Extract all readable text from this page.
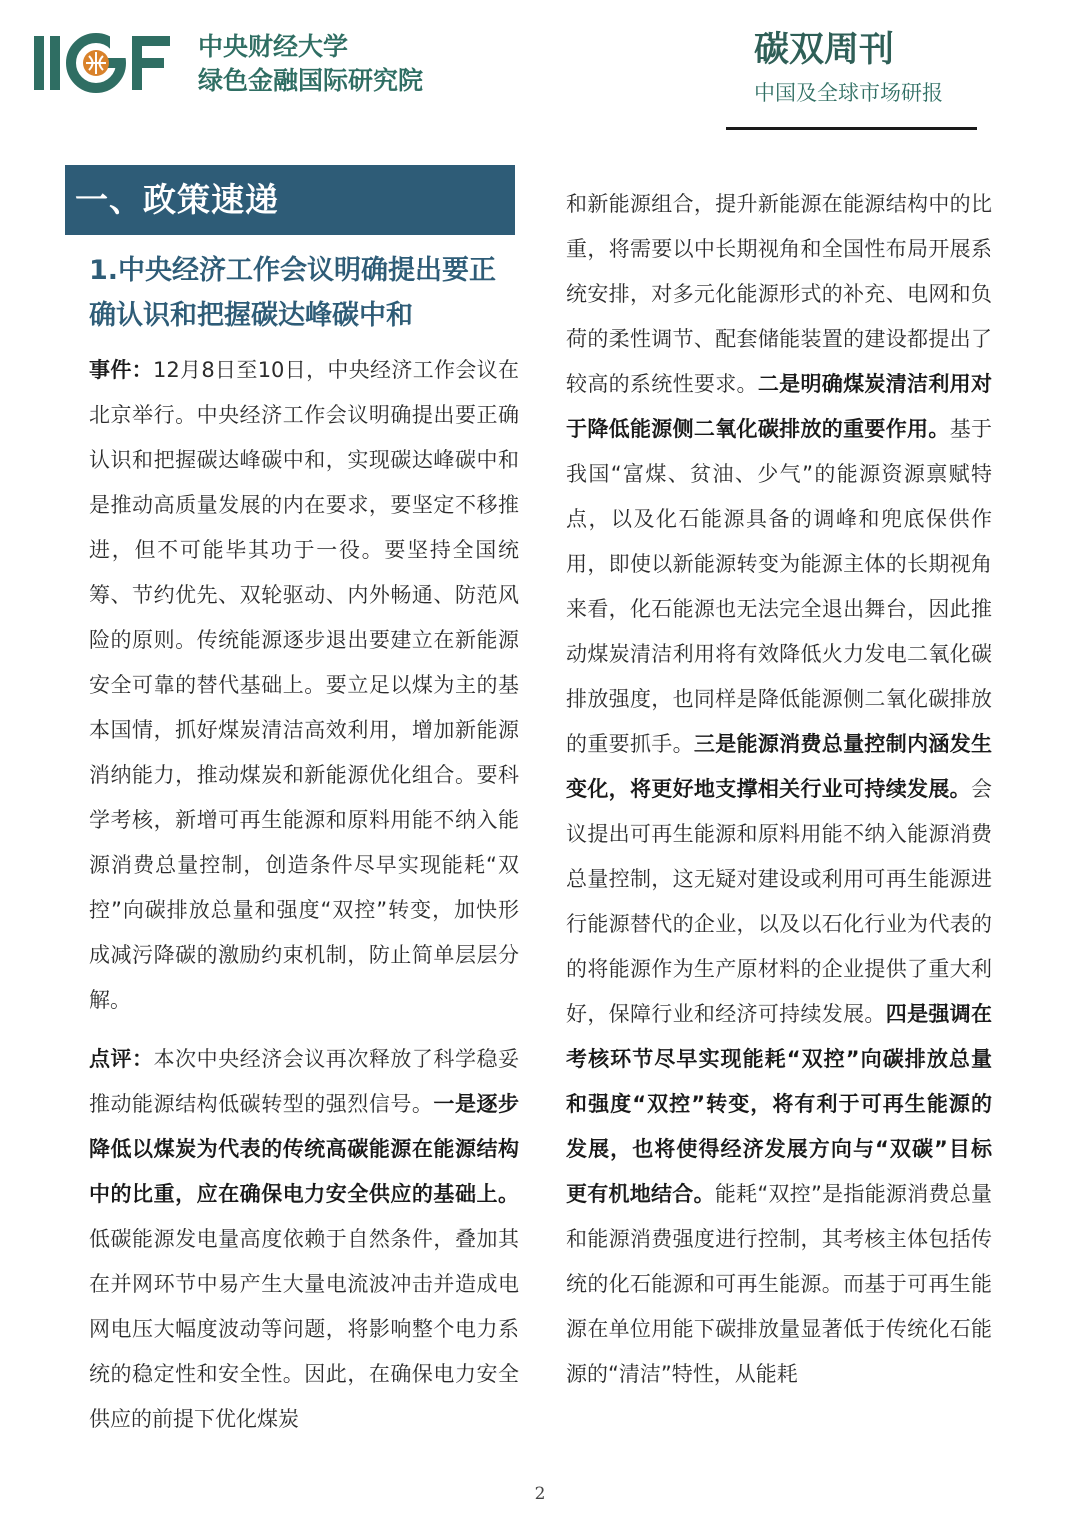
中央财经大学
绿色金融国际研究院
碳双周刊
中国及全球市场研报
一、政策速递
1.中央经济工作会议明确提出要正确认识和把握碳达峰碳中和

事件：12月8日至10日，中央经济工作会议在北京举行。中央经济工作会议明确提出要正确认识和把握碳达峰碳中和，实现碳达峰碳中和是推动高质量发展的内在要求，要坚定不移推进，但不可能毕其功于一役。要坚持全国统筹、节约优先、双轮驱动、内外畅通、防范风险的原则。传统能源逐步退出要建立在新能源安全可靠的替代基础上。要立足以煤为主的基本国情，抓好煤炭清洁高效利用，增加新能源消纳能力，推动煤炭和新能源优化组合。要科学考核，新增可再生能源和原料用能不纳入能源消费总量控制，创造条件尽早实现能耗“双控”向碳排放总量和强度“双控”转变，加快形成减污降碳的激励约束机制，防止简单层层分解。

点评：本次中央经济会议再次释放了科学稳妥推动能源结构低碳转型的强烈信号。一是逐步降低以煤炭为代表的传统高碳能源在能源结构中的比重，应在确保电力安全供应的基础上。低碳能源发电量高度依赖于自然条件，叠加其在并网环节中易产生大量电流波冲击并造成电网电压大幅度波动等问题，将影响整个电力系统的稳定性和安全性。因此，在确保电力安全供应的前提下优化煤炭

和新能源组合，提升新能源在能源结构中的比重，将需要以中长期视角和全国性布局开展系统安排，对多元化能源形式的补充、电网和负荷的柔性调节、配套储能装置的建设都提出了较高的系统性要求。二是明确煤炭清洁利用对于降低能源侧二氧化碳排放的重要作用。基于我国“富煤、贫油、少气”的能源资源禀赋特点，以及化石能源具备的调峰和兜底保供作用，即使以新能源转变为能源主体的长期视角来看，化石能源也无法完全退出舞台，因此推动煤炭清洁利用将有效降低火力发电二氧化碳排放强度，也同样是降低能源侧二氧化碳排放的重要抓手。三是能源消费总量控制内涵发生变化，将更好地支撑相关行业可持续发展。会议提出可再生能源和原料用能不纳入能源消费总量控制，这无疑对建设或利用可再生能源进行能源替代的企业，以及以石化行业为代表的的将能源作为生产原材料的企业提供了重大利好，保障行业和经济可持续发展。四是强调在考核环节尽早实现能耗“双控”向碳排放总量和强度“双控”转变，将有利于可再生能源的发展，也将使得经济发展方向与“双碳”目标更有机地结合。能耗“双控”是指能源消费总量和能源消费强度进行控制，其考核主体包括传统的化石能源和可再生能源。而基于可再生能源在单位用能下碳排放量显著低于传统化石能源的“清洁”特性，从能耗

2
